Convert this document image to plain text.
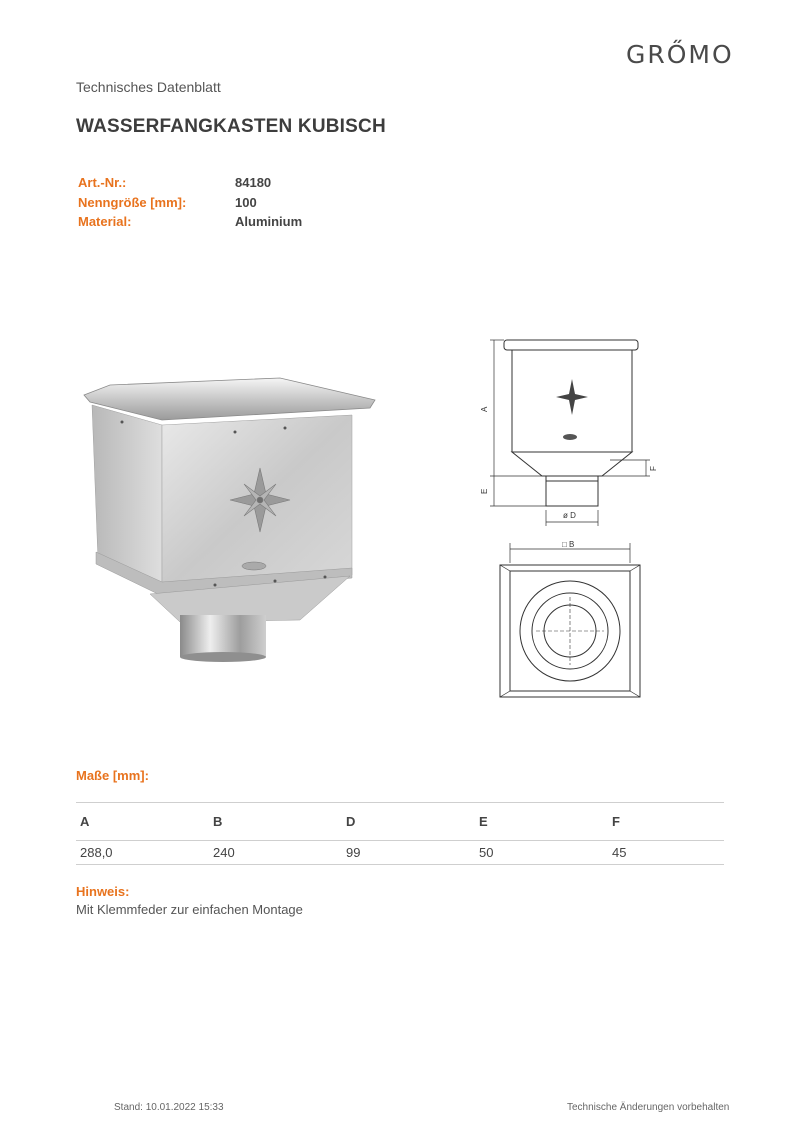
GRŐMO
Technisches Datenblatt
WASSERFANGKASTEN KUBISCH
Art.-Nr.:	84180
Nenngröße [mm]:	100
Material:	Aluminium
A
E
F
ø D
□ B
Maße [mm]:
A	B	D	E	F
288,0	240	99	50	45
Hinweis:
Mit Klemmfeder zur einfachen Montage
Stand: 10.01.2022 15:33	Technische Änderungen vorbehalten
